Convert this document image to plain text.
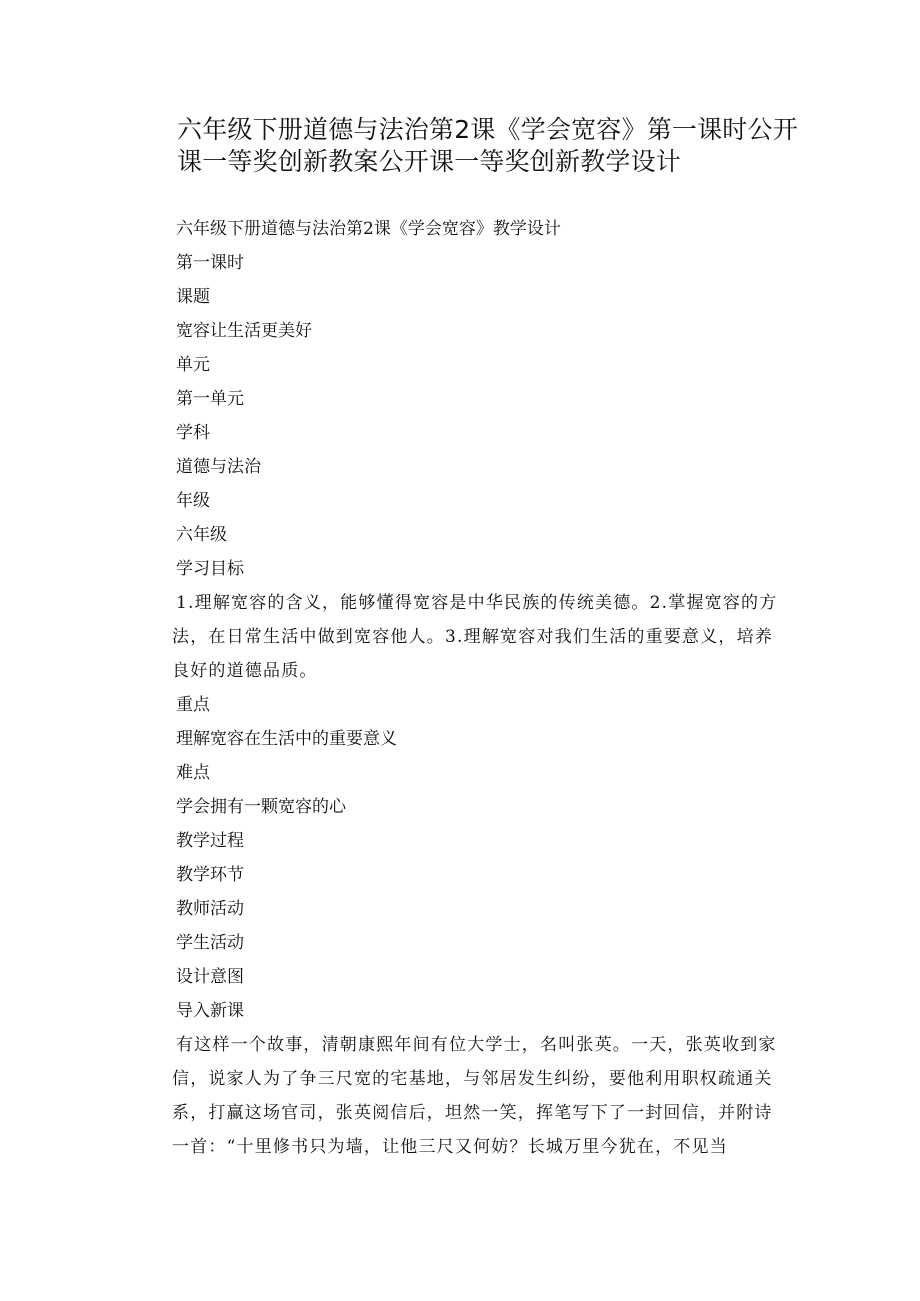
六年级下册道德与法治第2课《学会宽容》第一课时公开
课一等奖创新教案公开课一等奖创新教学设计

六年级下册道德与法治第2课《学会宽容》教学设计

第一课时

课题

宽容让生活更美好

单元

第一单元

学科

道德与法治

年级

六年级

学习目标

1.理解宽容的含义，能够懂得宽容是中华民族的传统美德。2.掌握宽容的方法，在日常生活中做到宽容他人。3.理解宽容对我们生活的重要意义，培养良好的道德品质。

重点

理解宽容在生活中的重要意义

难点

学会拥有一颗宽容的心

教学过程

教学环节

教师活动

学生活动

设计意图

导入新课

有这样一个故事，清朝康熙年间有位大学士，名叫张英。一天，张英收到家信，说家人为了争三尺宽的宅基地，与邻居发生纠纷，要他利用职权疏通关系，打赢这场官司，张英阅信后，坦然一笑，挥笔写下了一封回信，并附诗一首：“十里修书只为墙，让他三尺又何妨？长城万里今犹在，不见当
